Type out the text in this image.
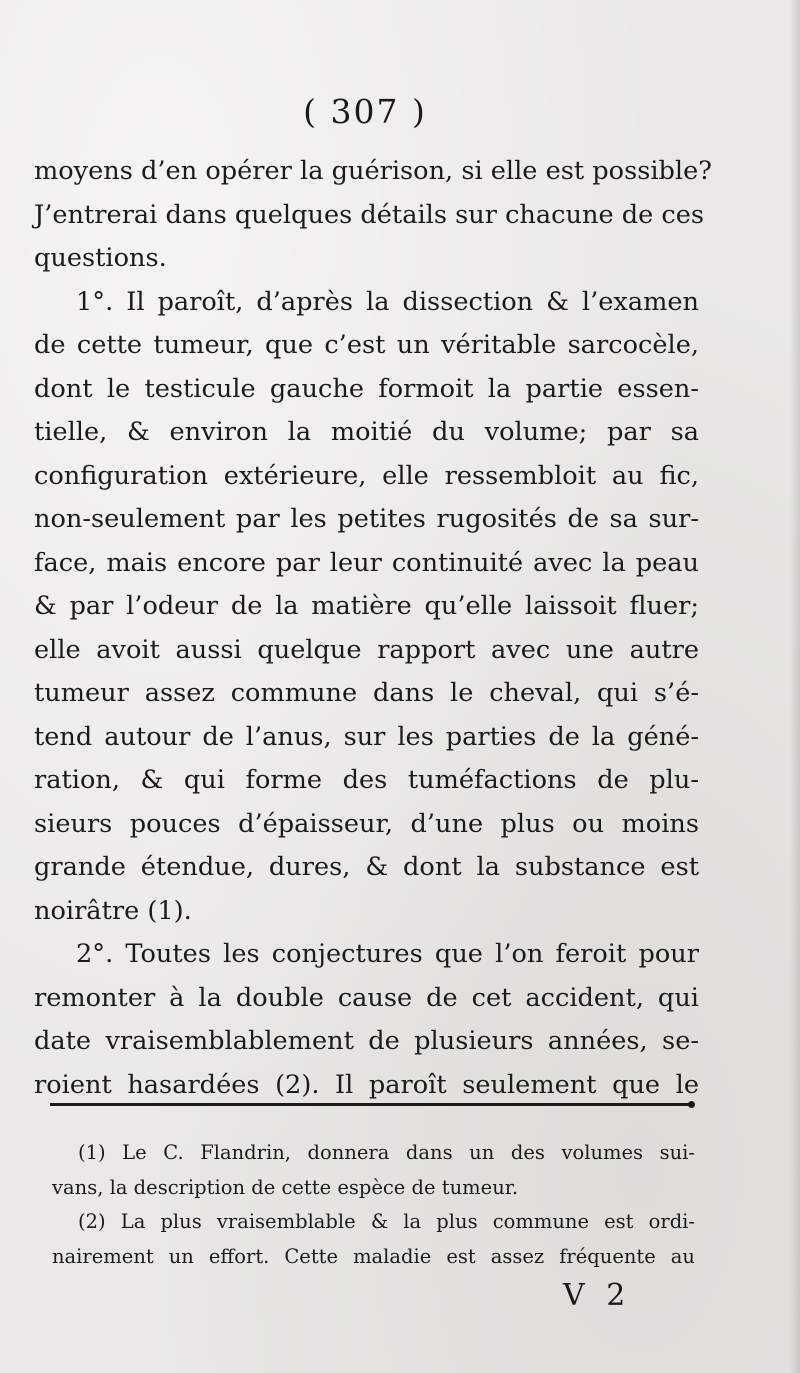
( 307 )
moyens d’en opérer la guérison, si elle est possible?
J’entrerai dans quelques détails sur chacune de ces
questions.
1°. Il paroît, d’après la dissection & l’examen
de cette tumeur, que c’est un véritable sarcocèle,
dont le testicule gauche formoit la partie essen-
tielle, & environ la moitié du volume; par sa
configuration extérieure, elle ressembloit au fic,
non-seulement par les petites rugosités de sa sur-
face, mais encore par leur continuité avec la peau
& par l’odeur de la matière qu’elle laissoit fluer;
elle avoit aussi quelque rapport avec une autre
tumeur assez commune dans le cheval, qui s’é-
tend autour de l’anus, sur les parties de la géné-
ration, & qui forme des tuméfactions de plu-
sieurs pouces d’épaisseur, d’une plus ou moins
grande étendue, dures, & dont la substance est
noirâtre (1).
2°. Toutes les conjectures que l’on feroit pour
remonter à la double cause de cet accident, qui
date vraisemblablement de plusieurs années, se-
roient hasardées (2). Il paroît seulement que le
(1) Le C. Flandrin, donnera dans un des volumes sui-
vans, la description de cette espèce de tumeur.
(2) La plus vraisemblable & la plus commune est ordi-
nairement un effort. Cette maladie est assez fréquente au
V 2
